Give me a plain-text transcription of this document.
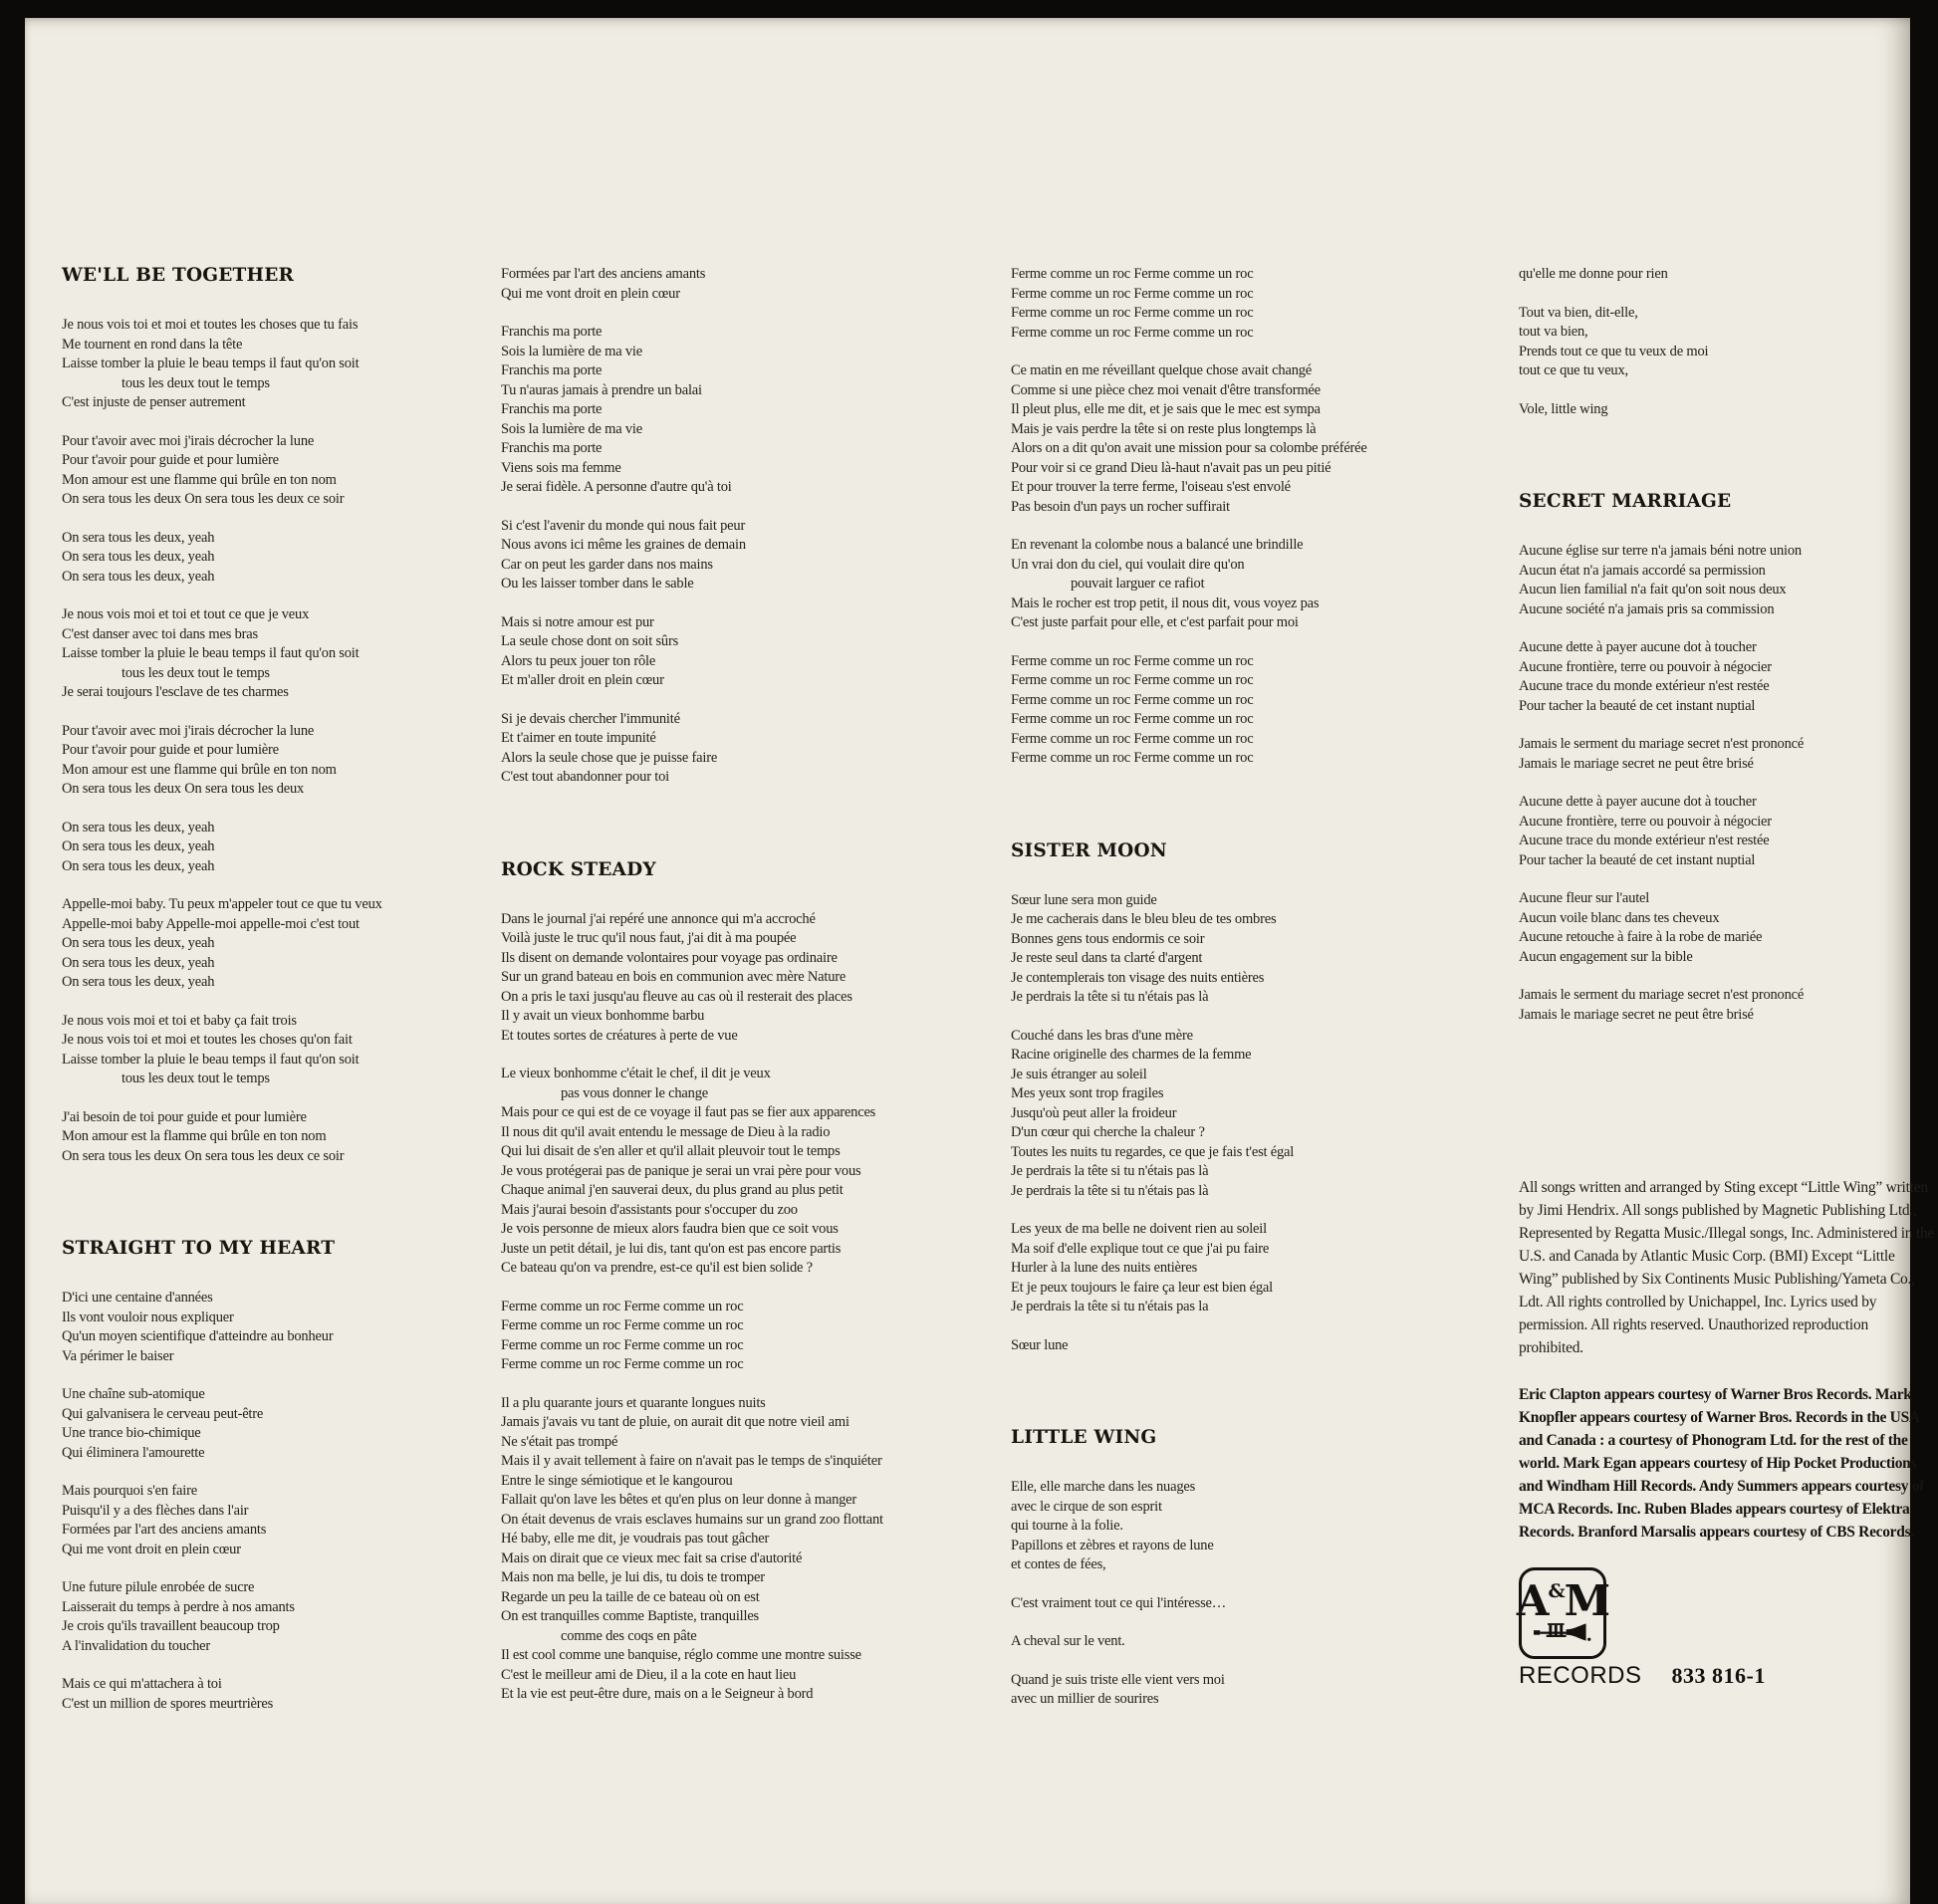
WE'LL BE TOGETHER
Je nous vois toi et moi et toutes les choses que tu fais
Me tournent en rond dans la tête
Laisse tomber la pluie le beau temps il faut qu'on soit
tous les deux tout le temps
C'est injuste de penser autrement
Pour t'avoir avec moi j'irais décrocher la lune
Pour t'avoir pour guide et pour lumière
Mon amour est une flamme qui brûle en ton nom
On sera tous les deux On sera tous les deux ce soir
On sera tous les deux, yeah
On sera tous les deux, yeah
On sera tous les deux, yeah
Je nous vois moi et toi et tout ce que je veux
C'est danser avec toi dans mes bras
Laisse tomber la pluie le beau temps il faut qu'on soit
tous les deux tout le temps
Je serai toujours l'esclave de tes charmes
Pour t'avoir avec moi j'irais décrocher la lune
Pour t'avoir pour guide et pour lumière
Mon amour est une flamme qui brûle en ton nom
On sera tous les deux On sera tous les deux
On sera tous les deux, yeah
On sera tous les deux, yeah
On sera tous les deux, yeah
Appelle-moi baby. Tu peux m'appeler tout ce que tu veux
Appelle-moi baby Appelle-moi appelle-moi c'est tout
On sera tous les deux, yeah
On sera tous les deux, yeah
On sera tous les deux, yeah
Je nous vois moi et toi et baby ça fait trois
Je nous vois toi et moi et toutes les choses qu'on fait
Laisse tomber la pluie le beau temps il faut qu'on soit
tous les deux tout le temps
J'ai besoin de toi pour guide et pour lumière
Mon amour est la flamme qui brûle en ton nom
On sera tous les deux On sera tous les deux ce soir
STRAIGHT TO MY HEART
D'ici une centaine d'années
Ils vont vouloir nous expliquer
Qu'un moyen scientifique d'atteindre au bonheur
Va périmer le baiser
Une chaîne sub-atomique
Qui galvanisera le cerveau peut-être
Une trance bio-chimique
Qui éliminera l'amourette
Mais pourquoi s'en faire
Puisqu'il y a des flèches dans l'air
Formées par l'art des anciens amants
Qui me vont droit en plein cœur
Une future pilule enrobée de sucre
Laisserait du temps à perdre à nos amants
Je crois qu'ils travaillent beaucoup trop
A l'invalidation du toucher
Mais ce qui m'attachera à toi
C'est un million de spores meurtrières
Formées par l'art des anciens amants
Qui me vont droit en plein cœur
Franchis ma porte
Sois la lumière de ma vie
Franchis ma porte
Tu n'auras jamais à prendre un balai
Franchis ma porte
Sois la lumière de ma vie
Franchis ma porte
Viens sois ma femme
Je serai fidèle. A personne d'autre qu'à toi
Si c'est l'avenir du monde qui nous fait peur
Nous avons ici même les graines de demain
Car on peut les garder dans nos mains
Ou les laisser tomber dans le sable
Mais si notre amour est pur
La seule chose dont on soit sûrs
Alors tu peux jouer ton rôle
Et m'aller droit en plein cœur
Si je devais chercher l'immunité
Et t'aimer en toute impunité
Alors la seule chose que je puisse faire
C'est tout abandonner pour toi
ROCK STEADY
Dans le journal j'ai repéré une annonce qui m'a accroché
Voilà juste le truc qu'il nous faut, j'ai dit à ma poupée
Ils disent on demande volontaires pour voyage pas ordinaire
Sur un grand bateau en bois en communion avec mère Nature
On a pris le taxi jusqu'au fleuve au cas où il resterait des places
Il y avait un vieux bonhomme barbu
Et toutes sortes de créatures à perte de vue
Le vieux bonhomme c'était le chef, il dit je veux
pas vous donner le change
Mais pour ce qui est de ce voyage il faut pas se fier aux apparences
Il nous dit qu'il avait entendu le message de Dieu à la radio
Qui lui disait de s'en aller et qu'il allait pleuvoir tout le temps
Je vous protégerai pas de panique je serai un vrai père pour vous
Chaque animal j'en sauverai deux, du plus grand au plus petit
Mais j'aurai besoin d'assistants pour s'occuper du zoo
Je vois personne de mieux alors faudra bien que ce soit vous
Juste un petit détail, je lui dis, tant qu'on est pas encore partis
Ce bateau qu'on va prendre, est-ce qu'il est bien solide ?
Ferme comme un roc Ferme comme un roc
Ferme comme un roc Ferme comme un roc
Ferme comme un roc Ferme comme un roc
Ferme comme un roc Ferme comme un roc
Il a plu quarante jours et quarante longues nuits
Jamais j'avais vu tant de pluie, on aurait dit que notre vieil ami
Ne s'était pas trompé
Mais il y avait tellement à faire on n'avait pas le temps de s'inquiéter
Entre le singe sémiotique et le kangourou
Fallait qu'on lave les bêtes et qu'en plus on leur donne à manger
On était devenus de vrais esclaves humains sur un grand zoo flottant
Hé baby, elle me dit, je voudrais pas tout gâcher
Mais on dirait que ce vieux mec fait sa crise d'autorité
Mais non ma belle, je lui dis, tu dois te tromper
Regarde un peu la taille de ce bateau où on est
On est tranquilles comme Baptiste, tranquilles
comme des coqs en pâte
Il est cool comme une banquise, réglo comme une montre suisse
C'est le meilleur ami de Dieu, il a la cote en haut lieu
Et la vie est peut-être dure, mais on a le Seigneur à bord
Ferme comme un roc Ferme comme un roc
Ferme comme un roc Ferme comme un roc
Ferme comme un roc Ferme comme un roc
Ferme comme un roc Ferme comme un roc
Ce matin en me réveillant quelque chose avait changé
Comme si une pièce chez moi venait d'être transformée
Il pleut plus, elle me dit, et je sais que le mec est sympa
Mais je vais perdre la tête si on reste plus longtemps là
Alors on a dit qu'on avait une mission pour sa colombe préférée
Pour voir si ce grand Dieu là-haut n'avait pas un peu pitié
Et pour trouver la terre ferme, l'oiseau s'est envolé
Pas besoin d'un pays un rocher suffirait
En revenant la colombe nous a balancé une brindille
Un vrai don du ciel, qui voulait dire qu'on
pouvait larguer ce rafiot
Mais le rocher est trop petit, il nous dit, vous voyez pas
C'est juste parfait pour elle, et c'est parfait pour moi
Ferme comme un roc Ferme comme un roc
Ferme comme un roc Ferme comme un roc
Ferme comme un roc Ferme comme un roc
Ferme comme un roc Ferme comme un roc
Ferme comme un roc Ferme comme un roc
Ferme comme un roc Ferme comme un roc
SISTER MOON
Sœur lune sera mon guide
Je me cacherais dans le bleu bleu de tes ombres
Bonnes gens tous endormis ce soir
Je reste seul dans ta clarté d'argent
Je contemplerais ton visage des nuits entières
Je perdrais la tête si tu n'étais pas là
Couché dans les bras d'une mère
Racine originelle des charmes de la femme
Je suis étranger au soleil
Mes yeux sont trop fragiles
Jusqu'où peut aller la froideur
D'un cœur qui cherche la chaleur ?
Toutes les nuits tu regardes, ce que je fais t'est égal
Je perdrais la tête si tu n'étais pas là
Je perdrais la tête si tu n'étais pas là
Les yeux de ma belle ne doivent rien au soleil
Ma soif d'elle explique tout ce que j'ai pu faire
Hurler à la lune des nuits entières
Et je peux toujours le faire ça leur est bien égal
Je perdrais la tête si tu n'étais pas la
Sœur lune
LITTLE WING
Elle, elle marche dans les nuages
avec le cirque de son esprit
qui tourne à la folie.
Papillons et zèbres et rayons de lune
et contes de fées,
C'est vraiment tout ce qui l'intéresse…
A cheval sur le vent.
Quand je suis triste elle vient vers moi
avec un millier de sourires
qu'elle me donne pour rien
Tout va bien, dit-elle,
tout va bien,
Prends tout ce que tu veux de moi
tout ce que tu veux,
Vole, little wing
SECRET MARRIAGE
Aucune église sur terre n'a jamais béni notre union
Aucun état n'a jamais accordé sa permission
Aucun lien familial n'a fait qu'on soit nous deux
Aucune société n'a jamais pris sa commission
Aucune dette à payer aucune dot à toucher
Aucune frontière, terre ou pouvoir à négocier
Aucune trace du monde extérieur n'est restée
Pour tacher la beauté de cet instant nuptial
Jamais le serment du mariage secret n'est prononcé
Jamais le mariage secret ne peut être brisé
Aucune dette à payer aucune dot à toucher
Aucune frontière, terre ou pouvoir à négocier
Aucune trace du monde extérieur n'est restée
Pour tacher la beauté de cet instant nuptial
Aucune fleur sur l'autel
Aucun voile blanc dans tes cheveux
Aucune retouche à faire à la robe de mariée
Aucun engagement sur la bible
Jamais le serment du mariage secret n'est prononcé
Jamais le mariage secret ne peut être brisé

All songs written and arranged by Sting except “Little Wing” written by Jimi Hendrix. All songs published by Magnetic Publishing Ltd., Represented by Regatta Music./Illegal songs, Inc. Administered in the U.S. and Canada by Atlantic Music Corp. (BMI) Except “Little Wing” published by Six Continents Music Publishing/Yameta Co., Ldt. All rights controlled by Unichappel, Inc. Lyrics used by permission. All rights reserved. Unauthorized reproduction prohibited.

Eric Clapton appears courtesy of Warner Bros Records. Mark Knopfler appears courtesy of Warner Bros. Records in the USA and Canada : a courtesy of Phonogram Ltd. for the rest of the world. Mark Egan appears courtesy of Hip Pocket Productions and Windham Hill Records. Andy Summers appears courtesy of MCA Records. Inc. Ruben Blades appears courtesy of Elektra Records. Branford Marsalis appears courtesy of CBS Records.

A & M
RECORDS 833 816-1
